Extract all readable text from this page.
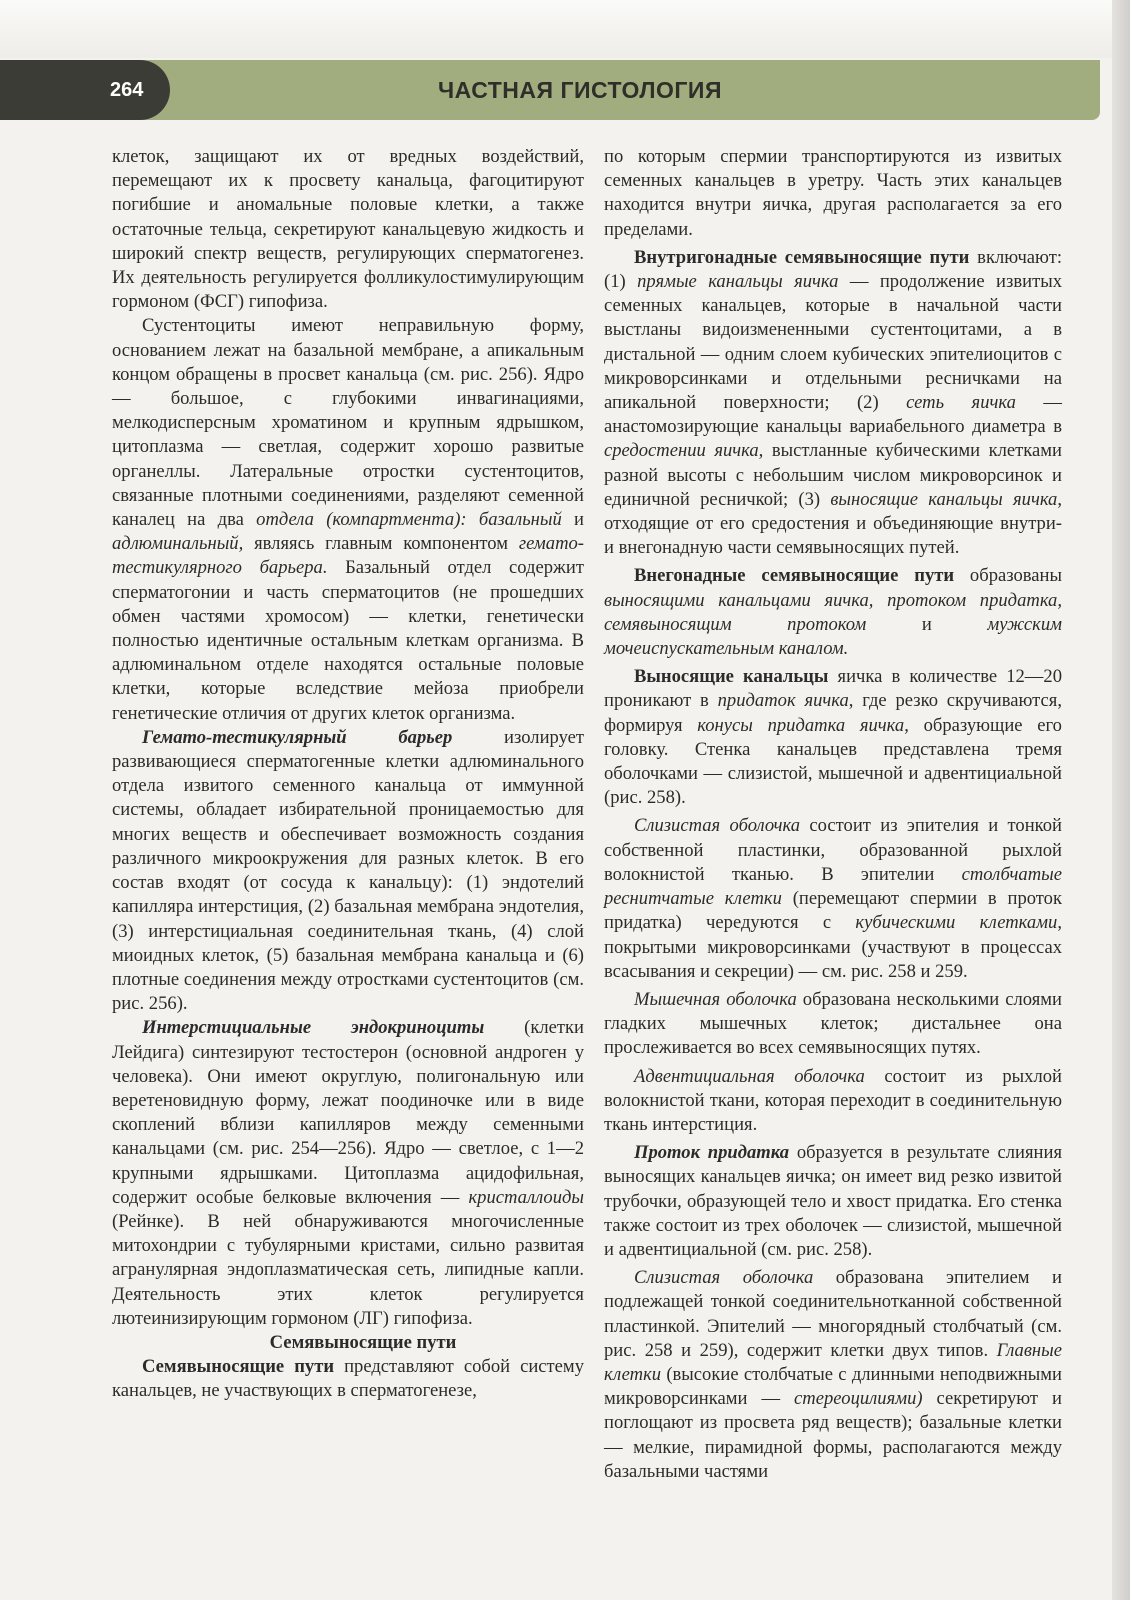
264	ЧАСТНАЯ ГИСТОЛОГИЯ

клеток, защищают их от вредных воздействий, перемещают их к просвету канальца, фагоцитируют погибшие и аномальные половые клетки, а также остаточные тельца, секретируют канальцевую жидкость и широкий спектр веществ, регулирующих сперматогенез. Их деятельность регулируется фолликулостимулирующим гормоном (ФСГ) гипофиза.

Сустентоциты имеют неправильную форму, основанием лежат на базальной мембране, а апикальным концом обращены в просвет канальца (см. рис. 256). Ядро — большое, с глубокими инвагинациями, мелкодисперсным хроматином и крупным ядрышком, цитоплазма — светлая, содержит хорошо развитые органеллы. Латеральные отростки сустентоцитов, связанные плотными соединениями, разделяют семенной каналец на два отдела (компартмента): базальный и адлюминальный, являясь главным компонентом гемато-тестикулярного барьера. Базальный отдел содержит сперматогонии и часть сперматоцитов (не прошедших обмен частями хромосом) — клетки, генетически полностью идентичные остальным клеткам организма. В адлюминальном отделе находятся остальные половые клетки, которые вследствие мейоза приобрели генетические отличия от других клеток организма.

Гемато-тестикулярный барьер изолирует развивающиеся сперматогенные клетки адлюминального отдела извитого семенного канальца от иммунной системы, обладает избирательной проницаемостью для многих веществ и обеспечивает возможность создания различного микроокружения для разных клеток. В его состав входят (от сосуда к канальцу): (1) эндотелий капилляра интерстиция, (2) базальная мембрана эндотелия, (3) интерстициальная соединительная ткань, (4) слой миоидных клеток, (5) базальная мембрана канальца и (6) плотные соединения между отростками сустентоцитов (см. рис. 256).

Интерстициальные эндокриноциты (клетки Лейдига) синтезируют тестостерон (основной андроген у человека). Они имеют округлую, полигональную или веретеновидную форму, лежат поодиночке или в виде скоплений вблизи капилляров между семенными канальцами (см. рис. 254—256). Ядро — светлое, с 1—2 крупными ядрышками. Цитоплазма ацидофильная, содержит особые белковые включения — кристаллоиды (Рейнке). В ней обнаруживаются многочисленные митохондрии с тубулярными кристами, сильно развитая агранулярная эндоплазматическая сеть, липидные капли. Деятельность этих клеток регулируется лютеинизирующим гормоном (ЛГ) гипофиза.

Семявыносящие пути

Семявыносящие пути представляют собой систему канальцев, не участвующих в сперматогенезе,

по которым спермии транспортируются из извитых семенных канальцев в уретру. Часть этих канальцев находится внутри яичка, другая располагается за его пределами.

Внутригонадные семявыносящие пути включают: (1) прямые канальцы яичка — продолжение извитых семенных канальцев, которые в начальной части выстланы видоизмененными сустентоцитами, а в дистальной — одним слоем кубических эпителиоцитов с микроворсинками и отдельными ресничками на апикальной поверхности; (2) сеть яичка — анастомозирующие канальцы вариабельного диаметра в средостении яичка, выстланные кубическими клетками разной высоты с небольшим числом микроворсинок и единичной ресничкой; (3) выносящие канальцы яичка, отходящие от его средостения и объединяющие внутри- и внегонадную части семявыносящих путей.

Внегонадные семявыносящие пути образованы выносящими канальцами яичка, протоком придатка, семявыносящим протоком и мужским мочеиспускательным каналом.

Выносящие канальцы яичка в количестве 12—20 проникают в придаток яичка, где резко скручиваются, формируя конусы придатка яичка, образующие его головку. Стенка канальцев представлена тремя оболочками — слизистой, мышечной и адвентициальной (рис. 258).

Слизистая оболочка состоит из эпителия и тонкой собственной пластинки, образованной рыхлой волокнистой тканью. В эпителии столбчатые реснитчатые клетки (перемещают спермии в проток придатка) чередуются с кубическими клетками, покрытыми микроворсинками (участвуют в процессах всасывания и секреции) — см. рис. 258 и 259.

Мышечная оболочка образована несколькими слоями гладких мышечных клеток; дистальнее она прослеживается во всех семявыносящих путях.

Адвентициальная оболочка состоит из рыхлой волокнистой ткани, которая переходит в соединительную ткань интерстиция.

Проток придатка образуется в результате слияния выносящих канальцев яичка; он имеет вид резко извитой трубочки, образующей тело и хвост придатка. Его стенка также состоит из трех оболочек — слизистой, мышечной и адвентициальной (см. рис. 258).

Слизистая оболочка образована эпителием и подлежащей тонкой соединительнотканной собственной пластинкой. Эпителий — многорядный столбчатый (см. рис. 258 и 259), содержит клетки двух типов. Главные клетки (высокие столбчатые с длинными неподвижными микроворсинками — стереоцилиями) секретируют и поглощают из просвета ряд веществ); базальные клетки — мелкие, пирамидной формы, располагаются между базальными частями
